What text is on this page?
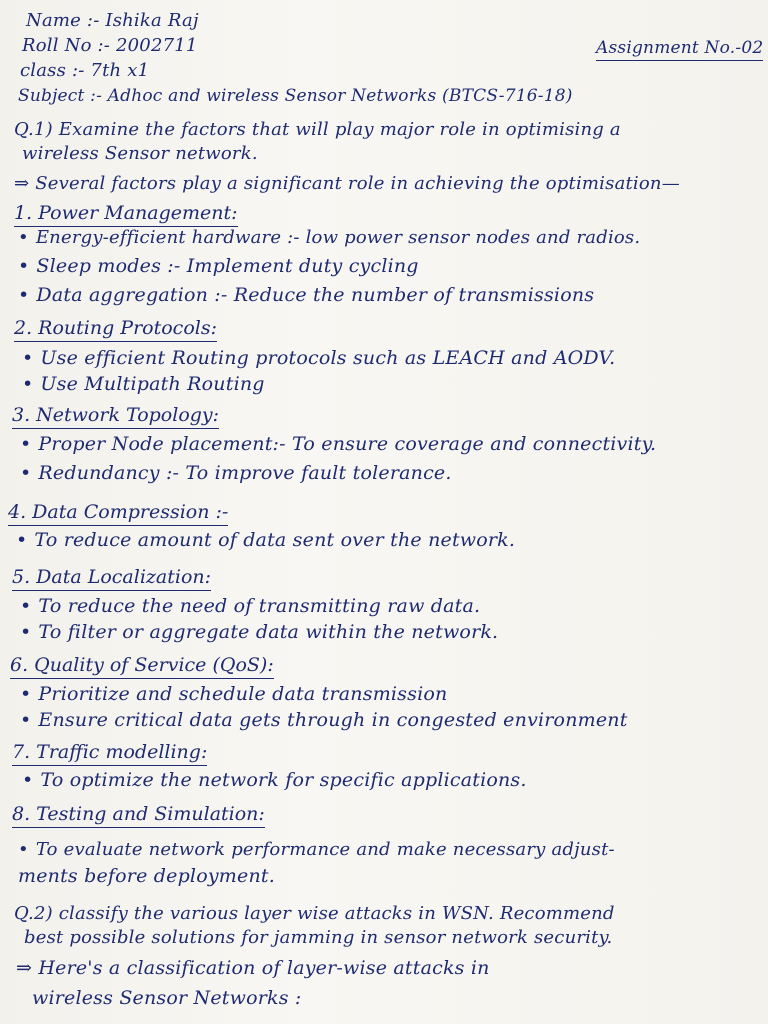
Name :- Ishika Raj
Roll No :- 2002711	Assignment No.-02
class :- 7th x1
Subject :- Adhoc and wireless Sensor Networks (BTCS-716-18)
Q.1) Examine the factors that will play major role in optimising a
wireless Sensor network.
⇒ Several factors play a significant role in achieving the optimisation—
1. Power Management:
• Energy-efficient hardware :- low power sensor nodes and radios.
• Sleep modes :- Implement duty cycling
• Data aggregation :- Reduce the number of transmissions
2. Routing Protocols:
• Use efficient Routing protocols such as LEACH and AODV.
• Use Multipath Routing
3. Network Topology:
• Proper Node placement:- To ensure coverage and connectivity.
• Redundancy :- To improve fault tolerance.
4. Data Compression :-
• To reduce amount of data sent over the network.
5. Data Localization:
• To reduce the need of transmitting raw data.
• To filter or aggregate data within the network.
6. Quality of Service (QoS):
• Prioritize and schedule data transmission
• Ensure critical data gets through in congested environment
7. Traffic modelling:
• To optimize the network for specific applications.
8. Testing and Simulation:
• To evaluate network performance and make necessary adjust-
ments before deployment.
Q.2) classify the various layer wise attacks in WSN. Recommend
best possible solutions for jamming in sensor network security.
⇒ Here's a classification of layer-wise attacks in
wireless Sensor Networks :
